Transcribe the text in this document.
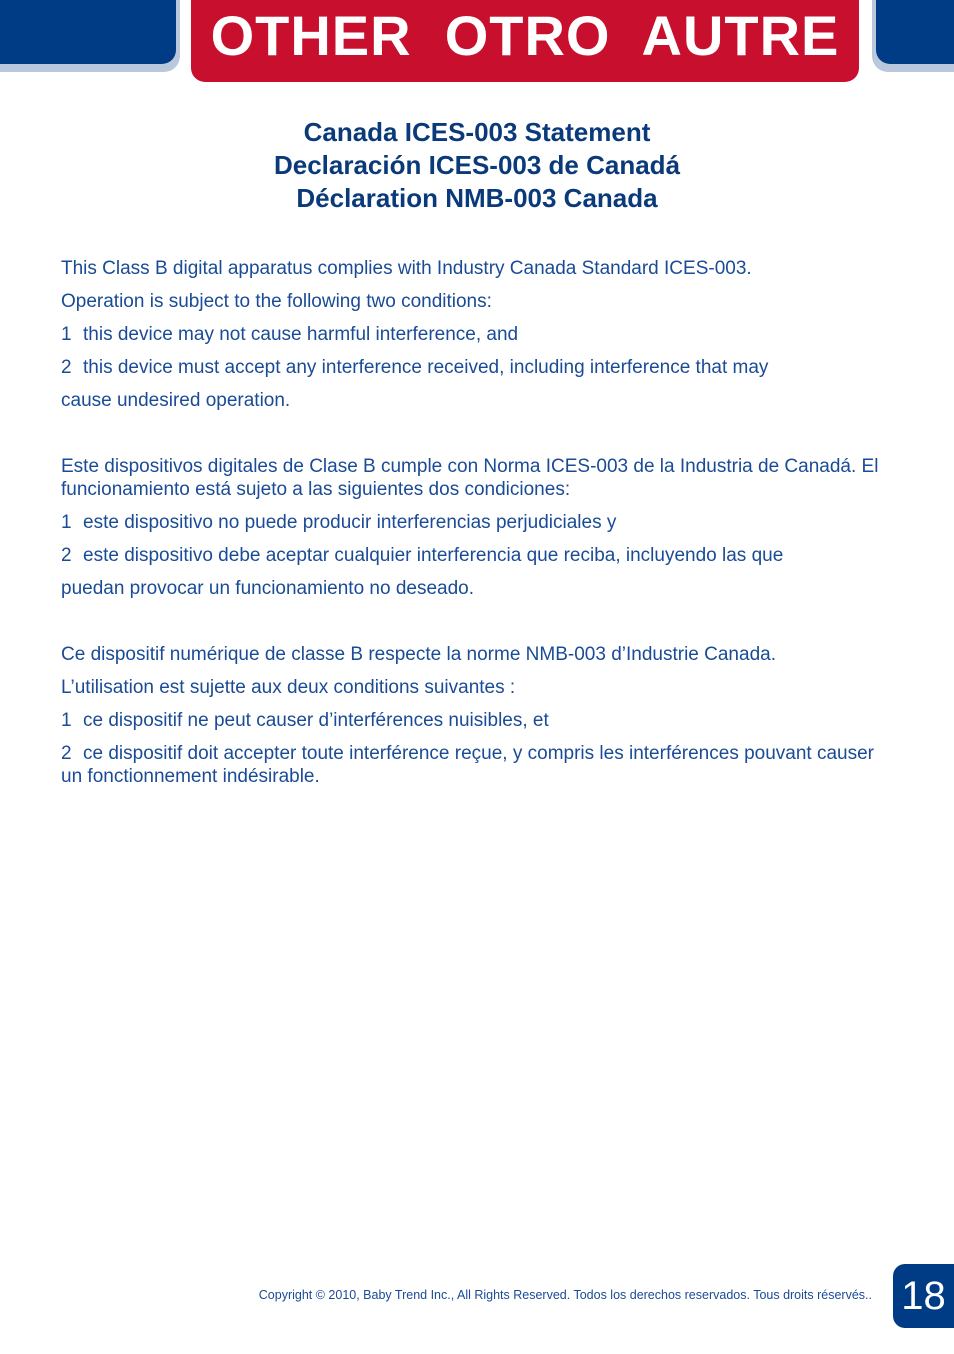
OTHER  OTRO  AUTRE
Canada ICES-003 Statement
Declaración ICES-003 de Canadá
Déclaration NMB-003 Canada
This Class B digital apparatus complies with Industry Canada Standard ICES-003.
Operation is subject to the following two conditions:
1 this device may not cause harmful interference, and
2 this device must accept any interference received, including interference that may
cause undesired operation.
Este dispositivos digitales de Clase B cumple con Norma ICES-003 de la Industria de Canadá. El funcionamiento está sujeto a las siguientes dos condiciones:
1 este dispositivo no puede producir interferencias perjudiciales y
2 este dispositivo debe aceptar cualquier interferencia que reciba, incluyendo las que
puedan provocar un funcionamiento no deseado.
Ce dispositif numérique de classe B respecte la norme NMB-003 d’Industrie Canada.
L’utilisation est sujette aux deux conditions suivantes :
1 ce dispositif ne peut causer d’interférences nuisibles, et
2 ce dispositif doit accepter toute interférence reçue, y compris les interférences pouvant causer un fonctionnement indésirable.
Copyright © 2010, Baby Trend Inc., All Rights Reserved. Todos los derechos reservados. Tous droits réservés.. 18
